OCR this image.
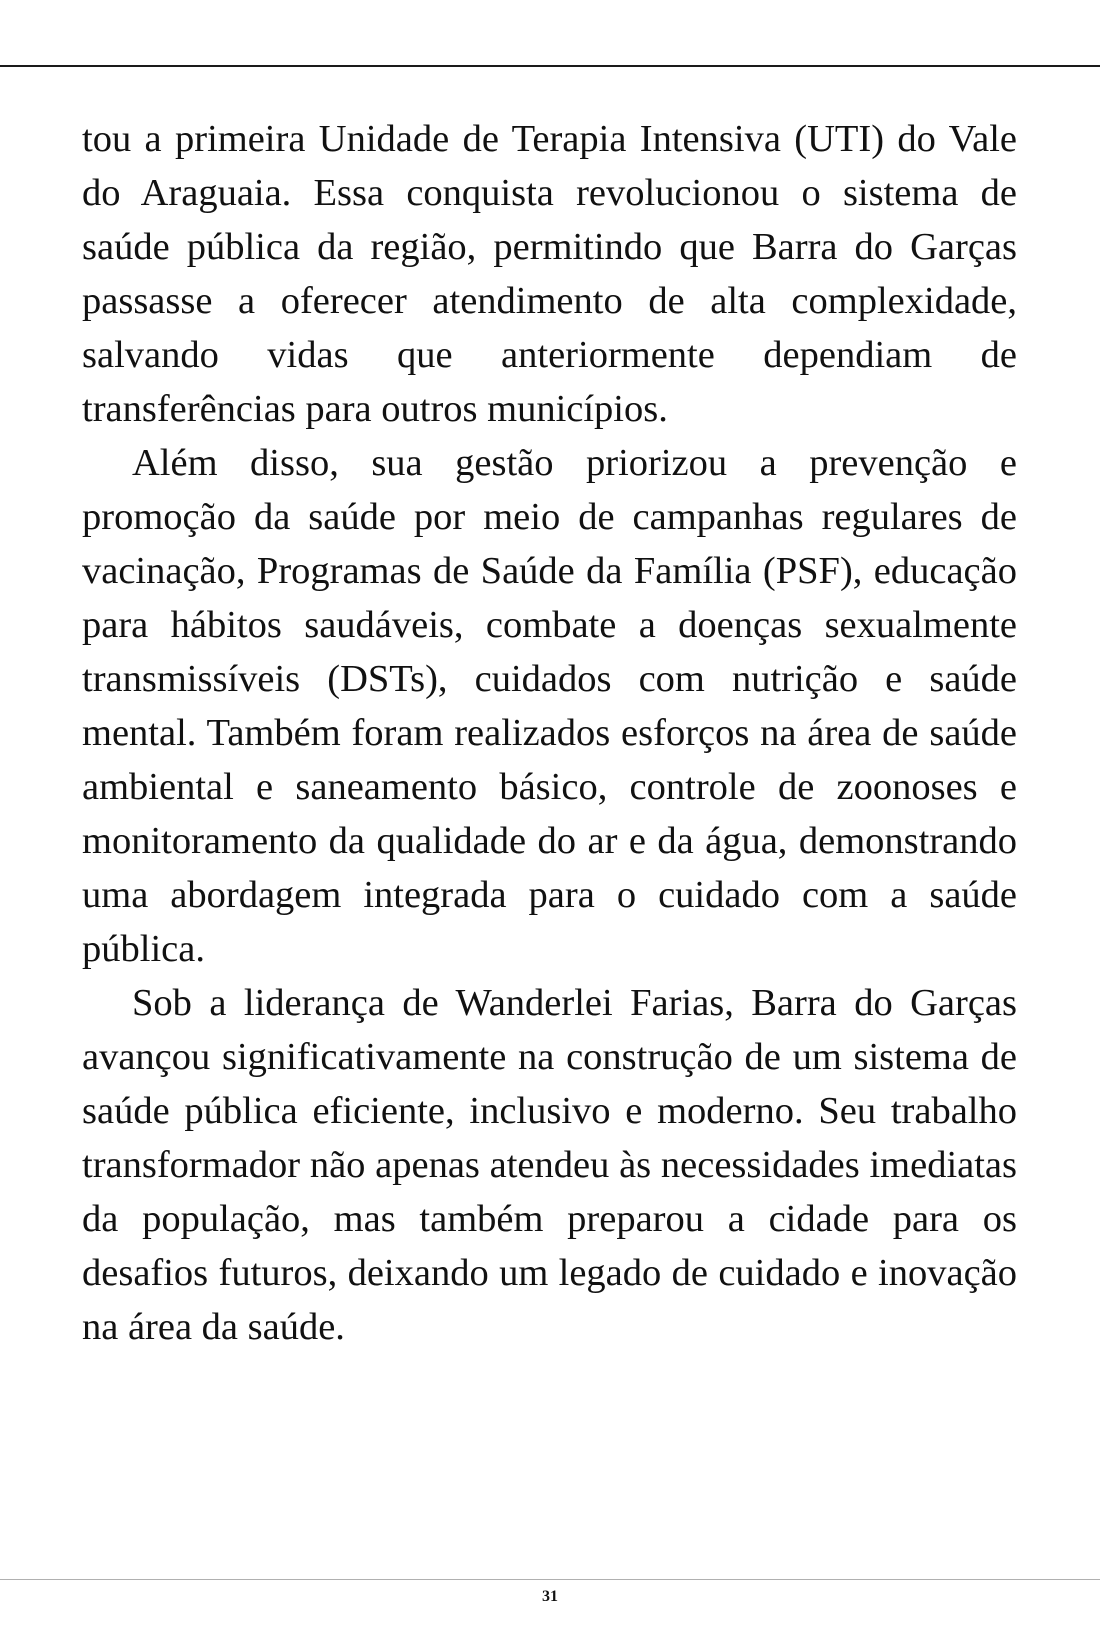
tou a primeira Unidade de Terapia Intensiva (UTI) do Vale do Araguaia. Essa conquista revolucionou o sistema de saúde pública da região, permitindo que Barra do Garças passasse a oferecer atendimento de alta complexidade, salvando vidas que anteriormente dependiam de transferências para outros municípios.

Além disso, sua gestão priorizou a prevenção e promoção da saúde por meio de campanhas regulares de vacinação, Programas de Saúde da Família (PSF), educação para hábitos saudáveis, combate a doenças sexualmente transmissíveis (DSTs), cuidados com nutrição e saúde mental. Também foram realizados esforços na área de saúde ambiental e saneamento básico, controle de zoonoses e monitoramento da qualidade do ar e da água, demonstrando uma abordagem integrada para o cuidado com a saúde pública.

Sob a liderança de Wanderlei Farias, Barra do Garças avançou significativamente na construção de um sistema de saúde pública eficiente, inclusivo e moderno. Seu trabalho transformador não apenas atendeu às necessidades imediatas da população, mas também preparou a cidade para os desafios futuros, deixando um legado de cuidado e inovação na área da saúde.

31
